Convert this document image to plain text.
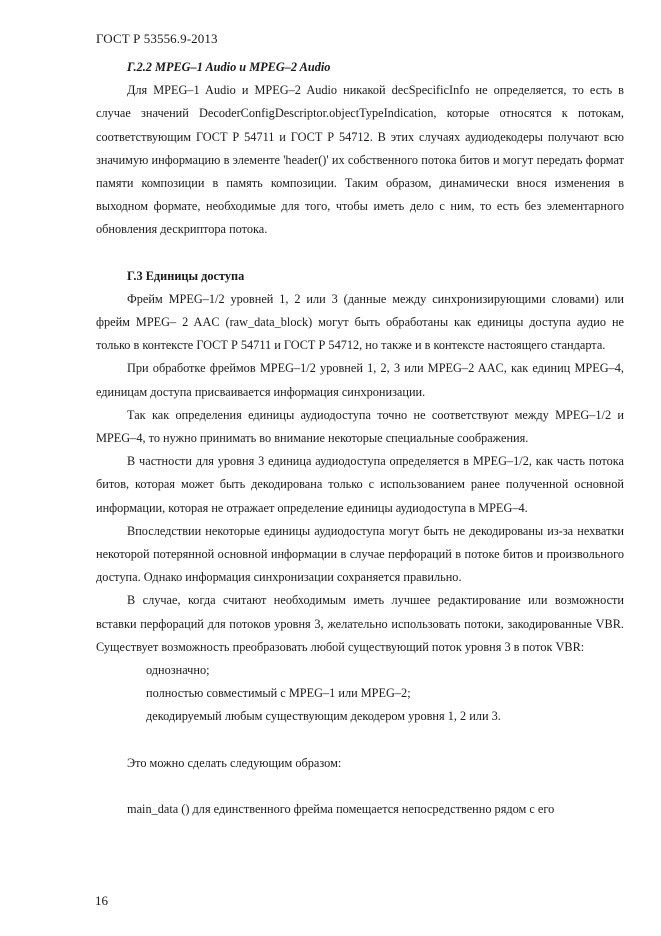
ГОСТ Р 53556.9-2013
Г.2.2 MPEG–1 Audio и MPEG–2 Audio

Для MPEG–1 Audio и MPEG–2 Audio никакой decSpecificInfo не определяется, то есть в случае значений DecoderConfigDescriptor.objectTypeIndication, которые относятся к потокам, соответствующим ГОСТ Р 54711 и ГОСТ Р 54712. В этих случаях аудиодекодеры получают всю значимую информацию в элементе 'header()' их собственного потока битов и могут передать формат памяти композиции в память композиции. Таким образом, динамически внося изменения в выходном формате, необходимые для того, чтобы иметь дело с ним, то есть без элементарного обновления дескриптора потока.

Г.3 Единицы доступа

Фрейм MPEG–1/2 уровней 1, 2 или 3 (данные между синхронизирующими словами) или фрейм MPEG– 2 AAC (raw_data_block) могут быть обработаны как единицы доступа аудио не только в контексте ГОСТ Р 54711 и ГОСТ Р 54712, но также и в контексте настоящего стандарта.

При обработке фреймов MPEG–1/2 уровней 1, 2, 3 или MPEG–2 AAC, как единиц MPEG–4, единицам доступа присваивается информация синхронизации.

Так как определения единицы аудиодоступа точно не соответствуют между MPEG–1/2 и MPEG–4, то нужно принимать во внимание некоторые специальные соображения.

В частности для уровня 3 единица аудиодоступа определяется в MPEG–1/2, как часть потока битов, которая может быть декодирована только с использованием ранее полученной основной информации, которая не отражает определение единицы аудиодоступа в MPEG–4.

Впоследствии некоторые единицы аудиодоступа могут быть не декодированы из-за нехватки некоторой потерянной основной информации в случае перфораций в потоке битов и произвольного доступа. Однако информация синхронизации сохраняется правильно.

В случае, когда считают необходимым иметь лучшее редактирование или возможности вставки перфораций для потоков уровня 3, желательно использовать потоки, закодированные VBR. Существует возможность преобразовать любой существующий поток уровня 3 в поток VBR:

однозначно;
полностью совместимый с MPEG–1 или MPEG–2;
декодируемый любым существующим декодером уровня 1, 2 или 3.

Это можно сделать следующим образом:

main_data () для единственного фрейма помещается непосредственно рядом с его

16
